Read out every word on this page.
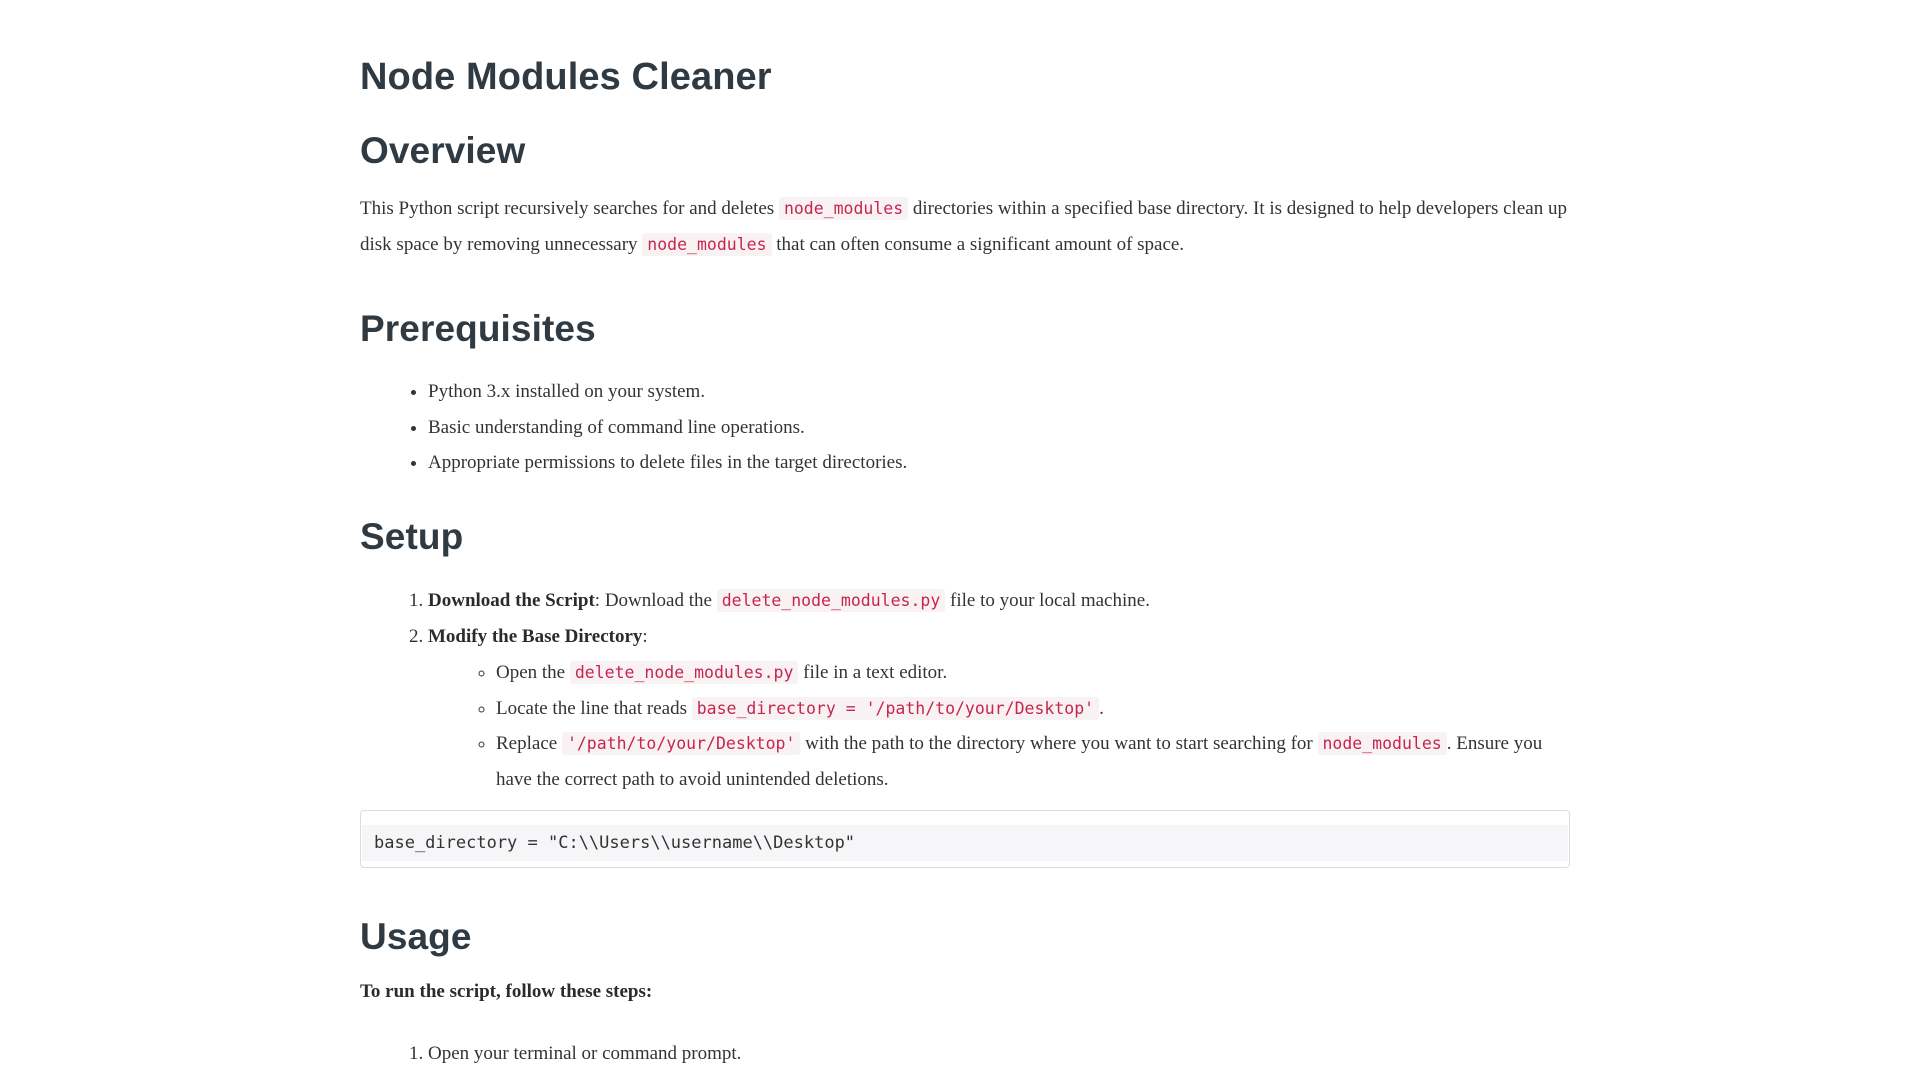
Node Modules Cleaner
Overview

This Python script recursively searches for and deletes node_modules directories within a specified base directory. It is designed to help developers clean up disk space by removing unnecessary node_modules that can often consume a significant amount of space.

Prerequisites
• Python 3.x installed on your system.
• Basic understanding of command line operations.
• Appropriate permissions to delete files in the target directories.
Setup
1. Download the Script: Download the delete_node_modules.py file to your local machine.
2. Modify the Base Directory:
◦ Open the delete_node_modules.py file in a text editor.
◦ Locate the line that reads base_directory = '/path/to/your/Desktop' .
◦ Replace '/path/to/your/Desktop' with the path to the directory where you want to start searching for node_modules . Ensure you have the correct path to avoid unintended deletions.
base_directory = "C:\\Users\\username\\Desktop"
Usage

To run the script, follow these steps:

1. Open your terminal or command prompt.
